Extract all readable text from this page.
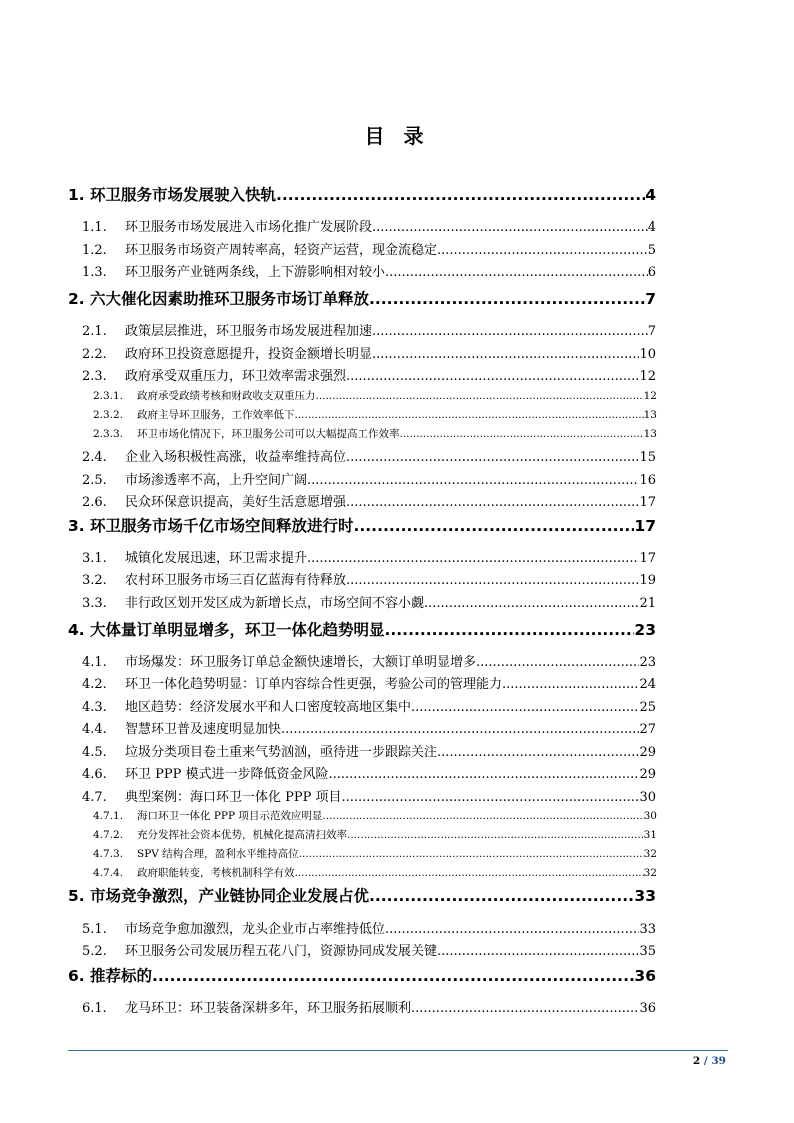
目 录
1. 环卫服务市场发展驶入快轨 .....	4
1.1.	环卫服务市场发展进入市场化推广发展阶段 .....	4
1.2.	环卫服务市场资产周转率高，轻资产运营，现金流稳定 .....	5
1.3.	环卫服务产业链两条线，上下游影响相对较小 .....	6
2. 六大催化因素助推环卫服务市场订单释放 .....	7
2.1.	政策层层推进，环卫服务市场发展进程加速 .....	7
2.2.	政府环卫投资意愿提升，投资金额增长明显 .....	10
2.3.	政府承受双重压力，环卫效率需求强烈 .....	12
2.3.1.	政府承受政绩考核和财政收支双重压力 .....	12
2.3.2.	政府主导环卫服务，工作效率低下 .....	13
2.3.3.	环卫市场化情况下，环卫服务公司可以大幅提高工作效率 .....	13
2.4.	企业入场积极性高涨，收益率维持高位 .....	15
2.5.	市场渗透率不高，上升空间广阔 .....	16
2.6.	民众环保意识提高，美好生活意愿增强 .....	17
3. 环卫服务市场千亿市场空间释放进行时 .....	17
3.1.	城镇化发展迅速，环卫需求提升 .....	17
3.2.	农村环卫服务市场三百亿蓝海有待释放 .....	19
3.3.	非行政区划开发区成为新增长点，市场空间不容小觑 .....	21
4. 大体量订单明显增多，环卫一体化趋势明显 .....	23
4.1.	市场爆发：环卫服务订单总金额快速增长，大额订单明显增多 .....	23
4.2.	环卫一体化趋势明显：订单内容综合性更强，考验公司的管理能力 .....	24
4.3.	地区趋势：经济发展水平和人口密度较高地区集中 .....	25
4.4.	智慧环卫普及速度明显加快 .....	27
4.5.	垃圾分类项目卷土重来气势汹汹，亟待进一步跟踪关注 .....	29
4.6.	环卫 PPP 模式进一步降低资金风险 .....	29
4.7.	典型案例：海口环卫一体化 PPP 项目 .....	30
4.7.1.	海口环卫一体化 PPP 项目示范效应明显 .....	30
4.7.2.	充分发挥社会资本优势，机械化提高清扫效率 .....	31
4.7.3.	SPV 结构合理，盈利水平维持高位 .....	32
4.7.4.	政府职能转变，考核机制科学有效 .....	32
5. 市场竞争激烈，产业链协同企业发展占优 .....	33
5.1.	市场竞争愈加激烈，龙头企业市占率维持低位 .....	33
5.2.	环卫服务公司发展历程五花八门，资源协同成发展关键 .....	35
6. 推荐标的 .....	36
6.1.	龙马环卫：环卫装备深耕多年，环卫服务拓展顺利 .....	36
2 / 39
